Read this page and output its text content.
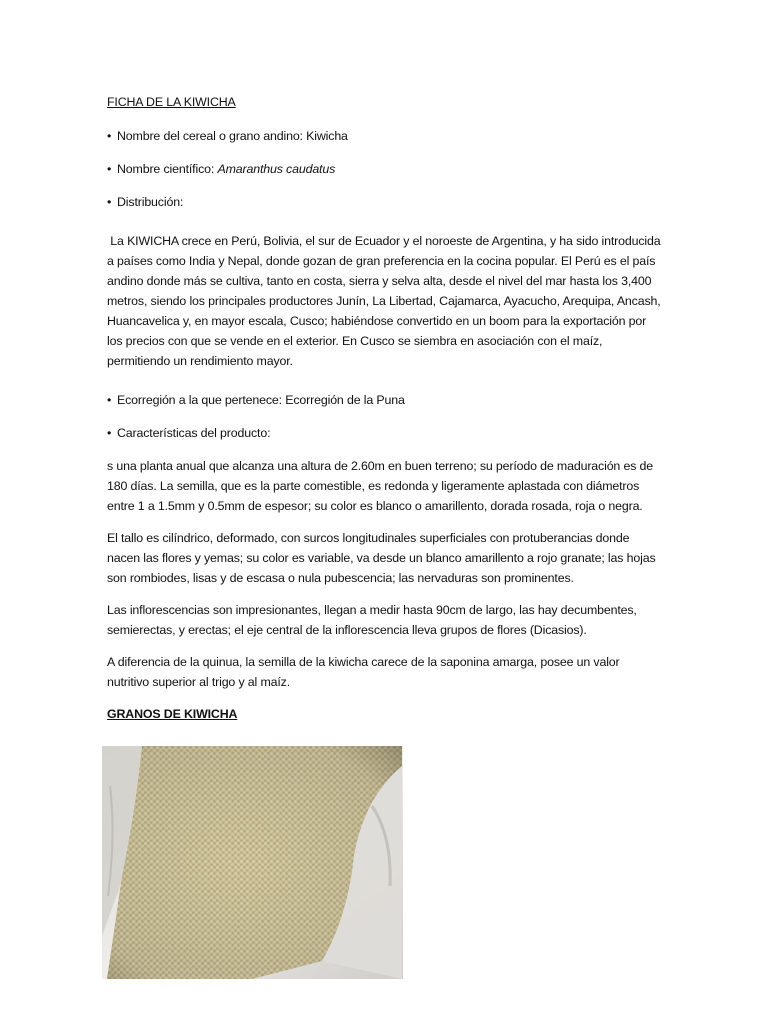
FICHA DE LA KIWICHA

• Nombre del cereal o grano andino: Kiwicha

• Nombre científico: Amaranthus caudatus

• Distribución:

La KIWICHA crece en Perú, Bolivia, el sur de Ecuador y el noroeste de Argentina, y ha sido introducida a países como India y Nepal, donde gozan de gran preferencia en la cocina popular. El Perú es el país andino donde más se cultiva, tanto en costa, sierra y selva alta, desde el nivel del mar hasta los 3,400 metros, siendo los principales productores Junín, La Libertad, Cajamarca, Ayacucho, Arequipa, Ancash, Huancavelica y, en mayor escala, Cusco; habiéndose convertido en un boom para la exportación por los precios con que se vende en el exterior. En Cusco se siembra en asociación con el maíz, permitiendo un rendimiento mayor.

• Ecorregión a la que pertenece: Ecorregión de la Puna

• Características del producto:

s una planta anual que alcanza una altura de 2.60m en buen terreno; su período de maduración es de 180 días. La semilla, que es la parte comestible, es redonda y ligeramente aplastada con diámetros entre 1 a 1.5mm y 0.5mm de espesor; su color es blanco o amarillento, dorada rosada, roja o negra.

El tallo es cilíndrico, deformado, con surcos longitudinales superficiales con protuberancias donde nacen las flores y yemas; su color es variable, va desde un blanco amarillento a rojo granate; las hojas son rombiodes, lisas y de escasa o nula pubescencia; las nervaduras son prominentes.

Las inflorescencias son impresionantes, llegan a medir hasta 90cm de largo, las hay decumbentes, semierectas, y erectas; el eje central de la inflorescencia lleva grupos de flores (Dicasios).

A diferencia de la quinua, la semilla de la kiwicha carece de la saponina amarga, posee un valor nutritivo superior al trigo y al maíz.

GRANOS DE KIWICHA
